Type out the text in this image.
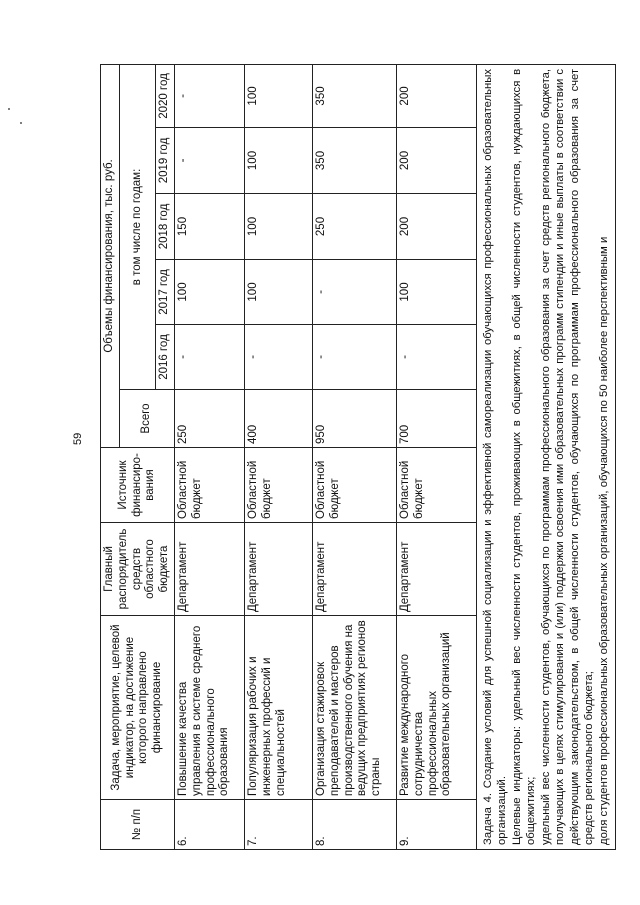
59
№ п/п	Задача, мероприятие, целевой индикатор, на достижение которого направлено финансирование	Главный распорядитель средств областного бюджета	Источник финансиро-вания	Объемы финансирования, тыс. руб.					
				Всего	в том числе по годам:				
					2016 год	2017 год	2018 год	2019 год	2020 год
6.	Повышение качества управления в системе среднего профессионального образования	Департамент	Областной бюджет	250	-	100	150	-	-
7.	Популяризация рабочих и инженерных профессий и специальностей	Департамент	Областной бюджет	400	-	100	100	100	100
8.	Организация стажировок преподавателей и мастеров производственного обучения на ведущих предприятиях регионов страны	Департамент	Областной бюджет	950	-	-	250	350	350
9.	Развитие международного сотрудничества профессиональных образовательных организаций	Департамент	Областной бюджет	700	-	100	200	200	200

Задача 4. Создание условий для успешной социализации и эффективной самореализации обучающихся профессиональных образовательных организаций. Целевые индикаторы: удельный вес численности студентов, проживающих в общежитиях, в общей численности студентов, нуждающихся в общежитиях; удельный вес численности студентов, обучающихся по программам профессионального образования за счет средств регионального бюджета, получающих в целях стимулирования и (или) поддержки освоения ими образовательных программ стипендии и иные выплаты в соответствии с действующим законодательством, в общей численности студентов, обучающихся по программам профессионального образования за счет средств регионального бюджета; доля студентов профессиональных образовательных организаций, обучающихся по 50 наиболее перспективным и									
